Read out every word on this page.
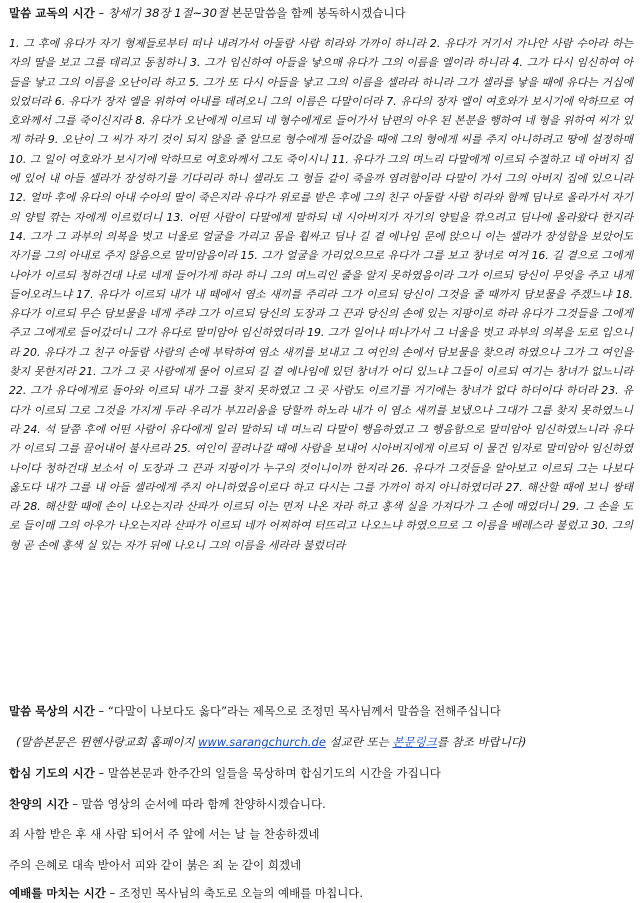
말씀 교독의 시간 – 창세기 38장 1절~30절 본문말씀을 함께 봉독하시겠습니다
1. 그 후에 유다가 자기 형제들로부터 떠나 내려가서 아둘람 사람 히라와 가까이 하니라 2. 유다가 거기서 가나안 사람 수아라 하는 자의 딸을 보고 그를 데리고 동침하니 3. 그가 임신하여 아들을 낳으매 유다가 그의 이름을 엘이라 하니라 4. 그가 다시 임신하여 아들을 낳고 그의 이름을 오난이라 하고 5. 그가 또 다시 아들을 낳고 그의 이름을 셀라라 하니라 그가 셀라를 낳을 때에 유다는 거십에 있었더라 6. 유다가 장자 엘을 위하여 아내를 데려오니 그의 이름은 다말이더라 7. 유다의 장자 엘이 여호와가 보시기에 악하므로 여호와께서 그를 죽이신지라 8. 유다가 오난에게 이르되 네 형수에게로 들어가서 남편의 아우 된 본분을 행하여 네 형을 위하여 씨가 있게 하라 9. 오난이 그 씨가 자기 것이 되지 않을 줄 알므로 형수에게 들어갔을 때에 그의 형에게 씨를 주지 아니하려고 땅에 설정하매 10. 그 일이 여호와가 보시기에 악하므로 여호와께서 그도 죽이시니 11. 유다가 그의 며느리 다말에게 이르되 수절하고 네 아버지 집에 있어 내 아들 셀라가 장성하기를 기다리라 하니 셀라도 그 형들 같이 죽을까 염려함이라 다말이 가서 그의 아버지 집에 있으니라 12. 얼마 후에 유다의 아내 수아의 딸이 죽은지라 유다가 위로를 받은 후에 그의 친구 아둘람 사람 히라와 함께 딤나로 올라가서 자기의 양털 깎는 자에게 이르렀더니 13. 어떤 사람이 다말에게 말하되 네 시아버지가 자기의 양털을 깎으려고 딤나에 올라왔다 한지라 14. 그가 그 과부의 의복을 벗고 너울로 얼굴을 가리고 몸을 휩싸고 딤나 길 곁 에나임 문에 앉으니 이는 셀라가 장성함을 보았어도 자기를 그의 아내로 주지 않음으로 말미암음이라 15. 그가 얼굴을 가리었으므로 유다가 그를 보고 창녀로 여겨 16. 길 곁으로 그에게 나아가 이르되 청하건대 나로 네게 들어가게 하라 하니 그의 며느리인 줄을 알지 못하였음이라 그가 이르되 당신이 무엇을 주고 내게 들어오려느냐 17. 유다가 이르되 내가 내 떼에서 염소 새끼를 주리라 그가 이르되 당신이 그것을 줄 때까지 담보물을 주겠느냐 18. 유다가 이르되 무슨 담보물을 네게 주랴 그가 이르되 당신의 도장과 그 끈과 당신의 손에 있는 지팡이로 하라 유다가 그것들을 그에게 주고 그에게로 들어갔더니 그가 유다로 말미암아 임신하였더라 19. 그가 일어나 떠나가서 그 너울을 벗고 과부의 의복을 도로 입으니라 20. 유다가 그 친구 아둘람 사람의 손에 부탁하여 염소 새끼를 보내고 그 여인의 손에서 담보물을 찾으려 하였으나 그가 그 여인을 찾지 못한지라 21. 그가 그 곳 사람에게 물어 이르되 길 곁 에나임에 있던 창녀가 어디 있느냐 그들이 이르되 여기는 창녀가 없느니라 22. 그가 유다에게로 돌아와 이르되 내가 그를 찾지 못하였고 그 곳 사람도 이르기를 거기에는 창녀가 없다 하더이다 하더라 23. 유다가 이르되 그로 그것을 가지게 두라 우리가 부끄러움을 당할까 하노라 내가 이 염소 새끼를 보냈으나 그대가 그를 찾지 못하였느니라 24. 석 달쯤 후에 어떤 사람이 유다에게 일러 말하되 네 며느리 다말이 행음하였고 그 행음함으로 말미암아 임신하였느니라 유다가 이르되 그를 끌어내어 불사르라 25. 여인이 끌려나갈 때에 사람을 보내어 시아버지에게 이르되 이 물건 임자로 말미암아 임신하였나이다 청하건대 보소서 이 도장과 그 끈과 지팡이가 누구의 것이니이까 한지라 26. 유다가 그것들을 알아보고 이르되 그는 나보다 옳도다 내가 그를 내 아들 셀라에게 주지 아니하였음이로다 하고 다시는 그를 가까이 하지 아니하였더라 27. 해산할 때에 보니 쌍태라 28. 해산할 때에 손이 나오는지라 산파가 이르되 이는 먼저 나온 자라 하고 홍색 실을 가져다가 그 손에 매었더니 29. 그 손을 도로 들이매 그의 아우가 나오는지라 산파가 이르되 네가 어찌하여 터뜨리고 나오느냐 하였으므로 그 이름을 베레스라 불렀고 30. 그의 형 곧 손에 홍색 실 있는 자가 뒤에 나오니 그의 이름을 세라라 불렀더라
말씀 묵상의 시간 – “다말이 나보다도 옳다”라는 제목으로 조정민 목사님께서 말씀을 전해주십니다
(말씀본문은 뮌헨사랑교회 홈페이지 www.sarangchurch.de 설교란 또는 본문링크를 참조 바랍니다)
합심 기도의 시간 – 말씀본문과 한주간의 일들을 묵상하며 합심기도의 시간을 가집니다
찬양의 시간 – 말씀 영상의 순서에 따라 함께 찬양하시겠습니다.
죄 사함 받은 후 새 사람 되어서 주 앞에 서는 날 늘 찬송하겠네
주의 은혜로 대속 받아서 피와 같이 붉은 죄 눈 같이 희겠네
예배를 마치는 시간 – 조정민 목사님의 축도로 오늘의 예배를 마칩니다.
